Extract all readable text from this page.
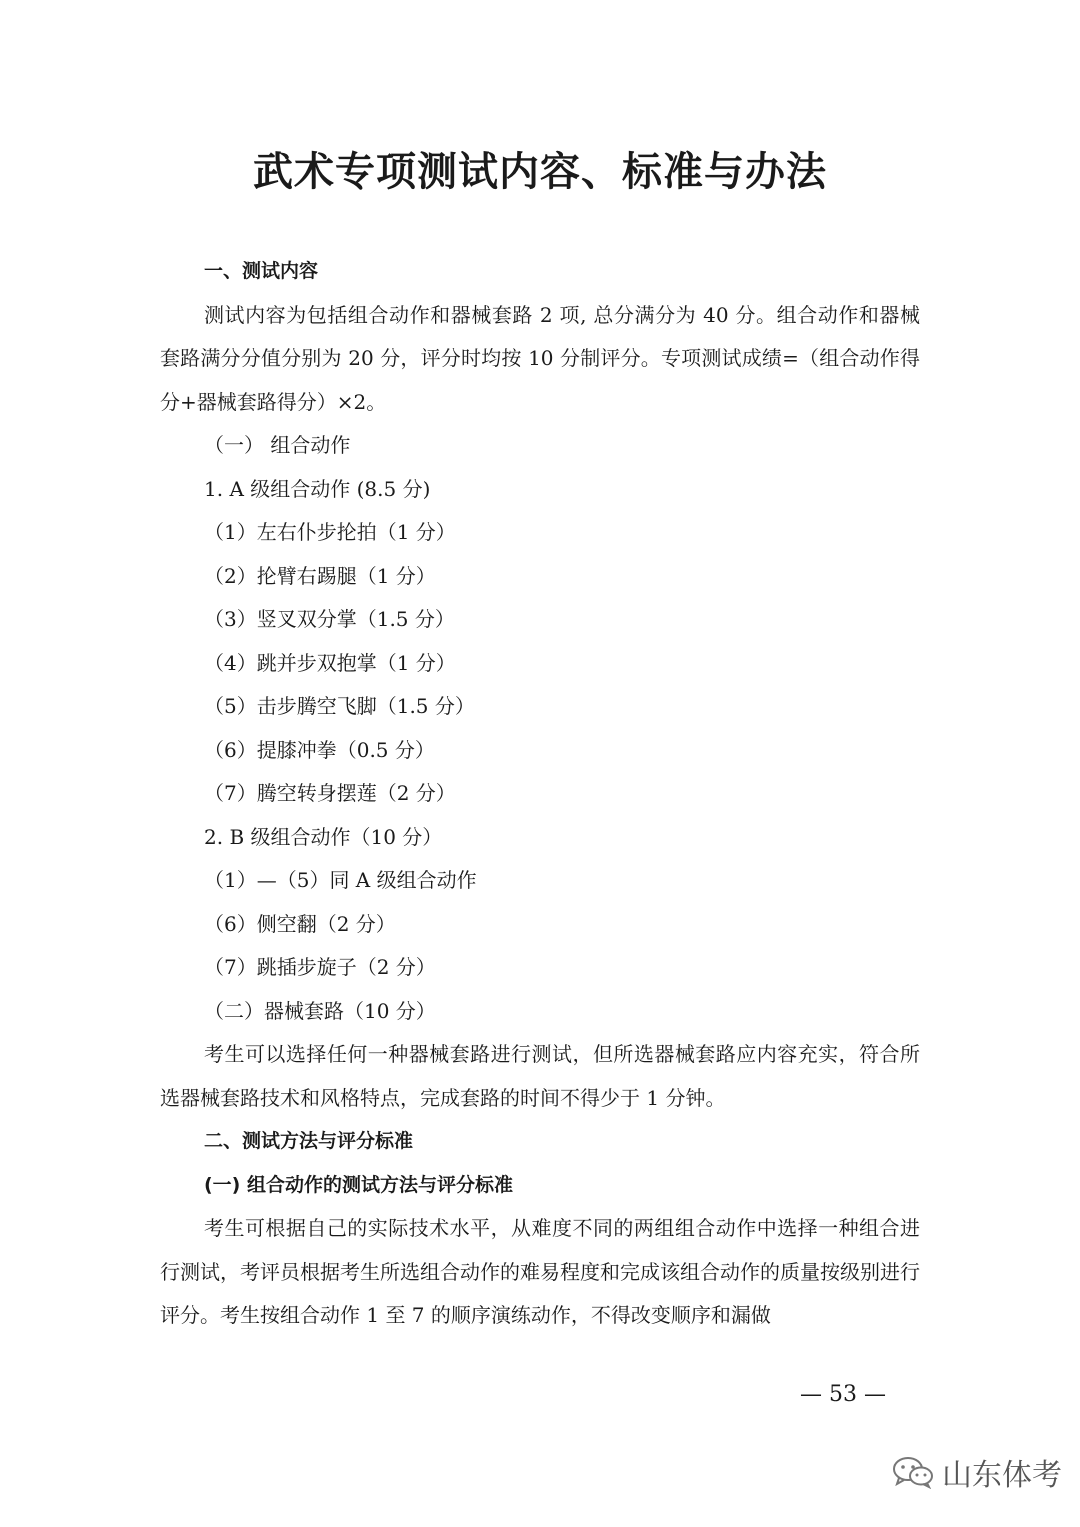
武术专项测试内容、标准与办法
一、测试内容
测试内容为包括组合动作和器械套路 2 项, 总分满分为 40 分。组合动作和器械套路满分分值分别为 20 分，评分时均按 10 分制评分。专项测试成绩=（组合动作得分+器械套路得分）×2。
（一） 组合动作
1. A 级组合动作 (8.5 分)
（1）左右仆步抡拍（1 分）
（2）抡臂右踢腿（1 分）
（3）竖叉双分掌（1.5 分）
（4）跳并步双抱掌（1 分）
（5）击步腾空飞脚（1.5 分）
（6）提膝冲拳（0.5 分）
（7）腾空转身摆莲（2 分）
2. B 级组合动作（10 分）
（1）—（5）同 A 级组合动作
（6）侧空翻（2 分）
（7）跳插步旋子（2 分）
（二）器械套路（10 分）
考生可以选择任何一种器械套路进行测试，但所选器械套路应内容充实，符合所选器械套路技术和风格特点，完成套路的时间不得少于 1 分钟。
二、测试方法与评分标准
(一) 组合动作的测试方法与评分标准
考生可根据自己的实际技术水平，从难度不同的两组组合动作中选择一种组合进行测试，考评员根据考生所选组合动作的难易程度和完成该组合动作的质量按级别进行评分。考生按组合动作 1 至 7 的顺序演练动作，不得改变顺序和漏做
— 53 —
山东体考
